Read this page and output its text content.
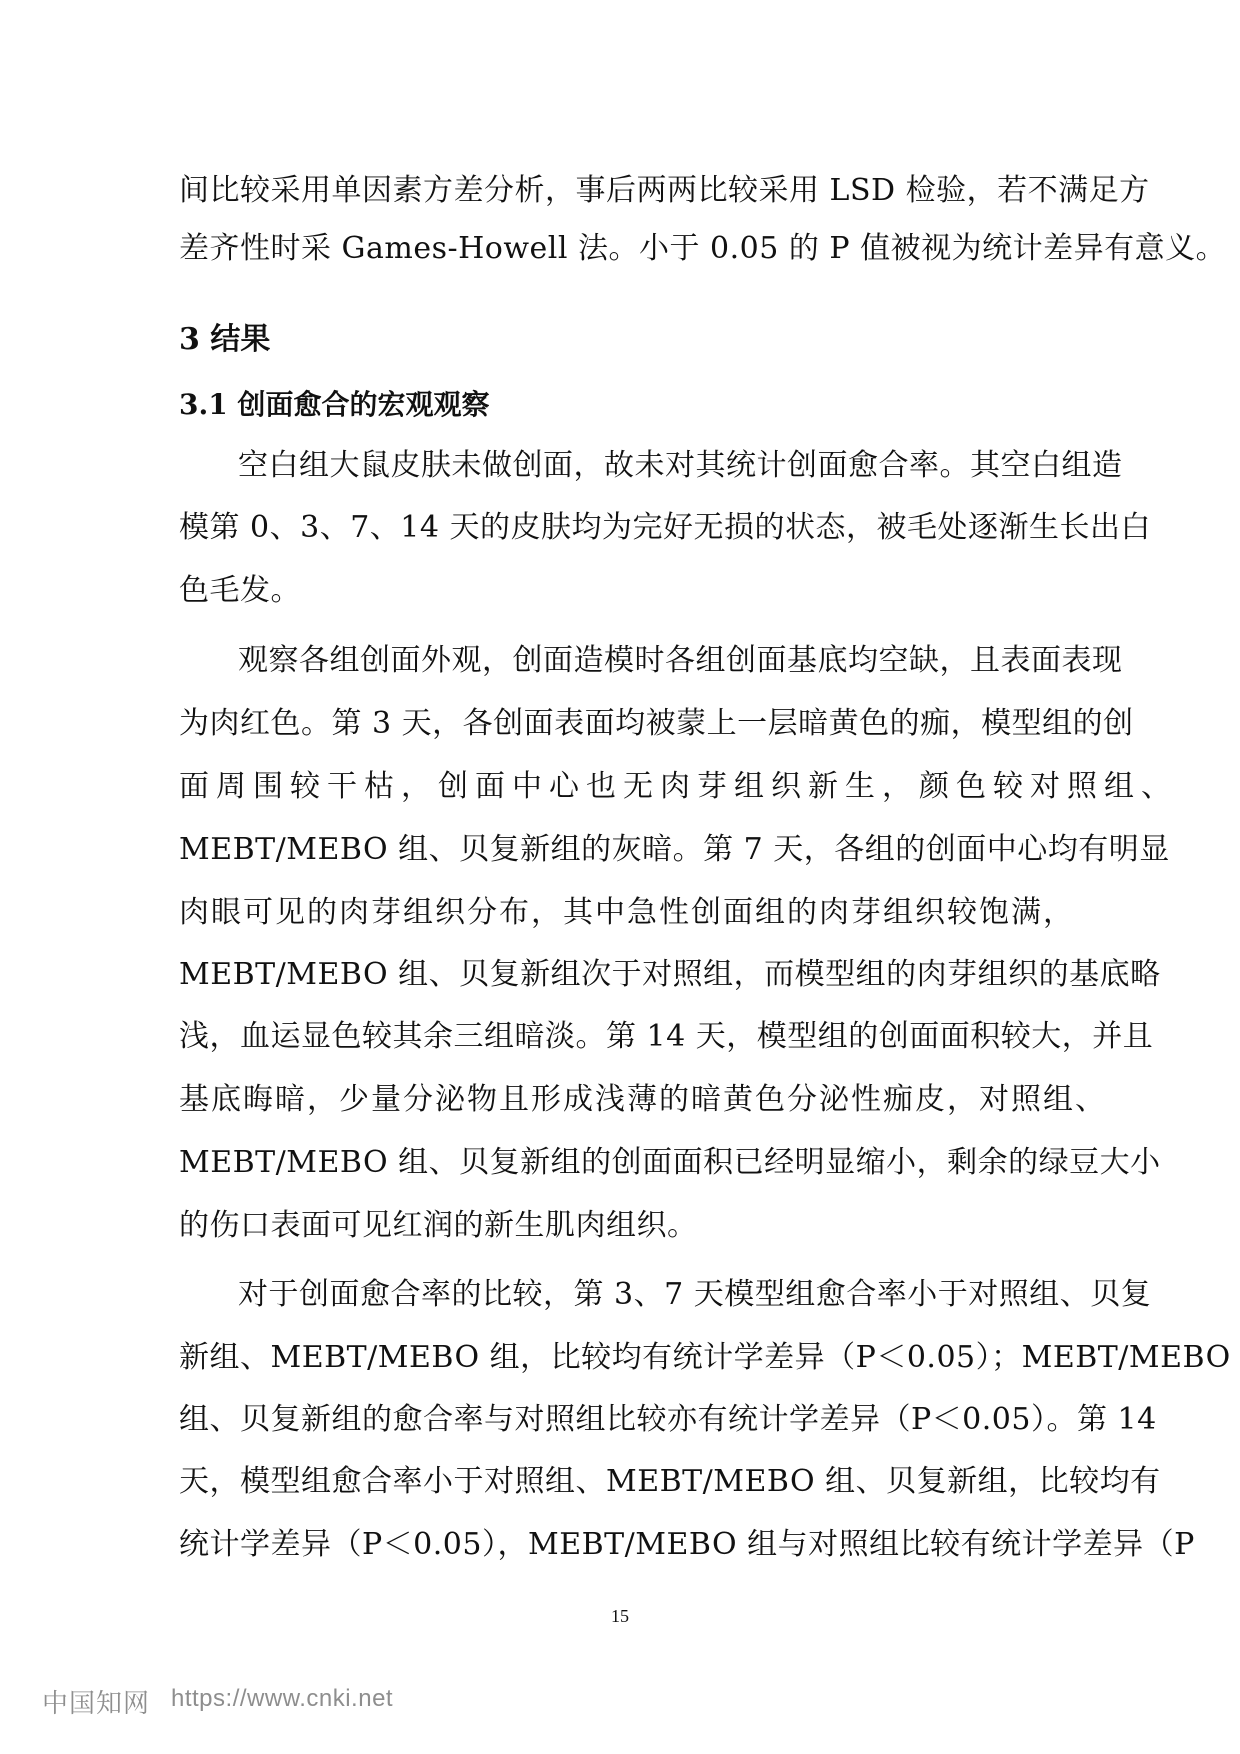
间比较采用单因素方差分析，事后两两比较采用 LSD 检验，若不满足方
差齐性时采 Games-Howell 法。小于 0.05 的 P 值被视为统计差异有意义。
3 结果
3.1 创面愈合的宏观观察
空白组大鼠皮肤未做创面，故未对其统计创面愈合率。其空白组造
模第 0、3、7、14 天的皮肤均为完好无损的状态，被毛处逐渐生长出白
色毛发。
观察各组创面外观，创面造模时各组创面基底均空缺，且表面表现
为肉红色。第 3 天，各创面表面均被蒙上一层暗黄色的痂，模型组的创
面周围较干枯，创面中心也无肉芽组织新生，颜色较对照组、
MEBT/MEBO 组、贝复新组的灰暗。第 7 天，各组的创面中心均有明显
肉眼可见的肉芽组织分布，其中急性创面组的肉芽组织较饱满，
MEBT/MEBO 组、贝复新组次于对照组，而模型组的肉芽组织的基底略
浅，血运显色较其余三组暗淡。第 14 天，模型组的创面面积较大，并且
基底晦暗，少量分泌物且形成浅薄的暗黄色分泌性痂皮，对照组、
MEBT/MEBO 组、贝复新组的创面面积已经明显缩小，剩余的绿豆大小
的伤口表面可见红润的新生肌肉组织。
对于创面愈合率的比较，第 3、7 天模型组愈合率小于对照组、贝复
新组、MEBT/MEBO 组，比较均有统计学差异（P＜0.05）；MEBT/MEBO
组、贝复新组的愈合率与对照组比较亦有统计学差异（P＜0.05）。第 14
天，模型组愈合率小于对照组、MEBT/MEBO 组、贝复新组，比较均有
统计学差异（P＜0.05），MEBT/MEBO 组与对照组比较有统计学差异（P
15
中国知网 https://www.cnki.net
